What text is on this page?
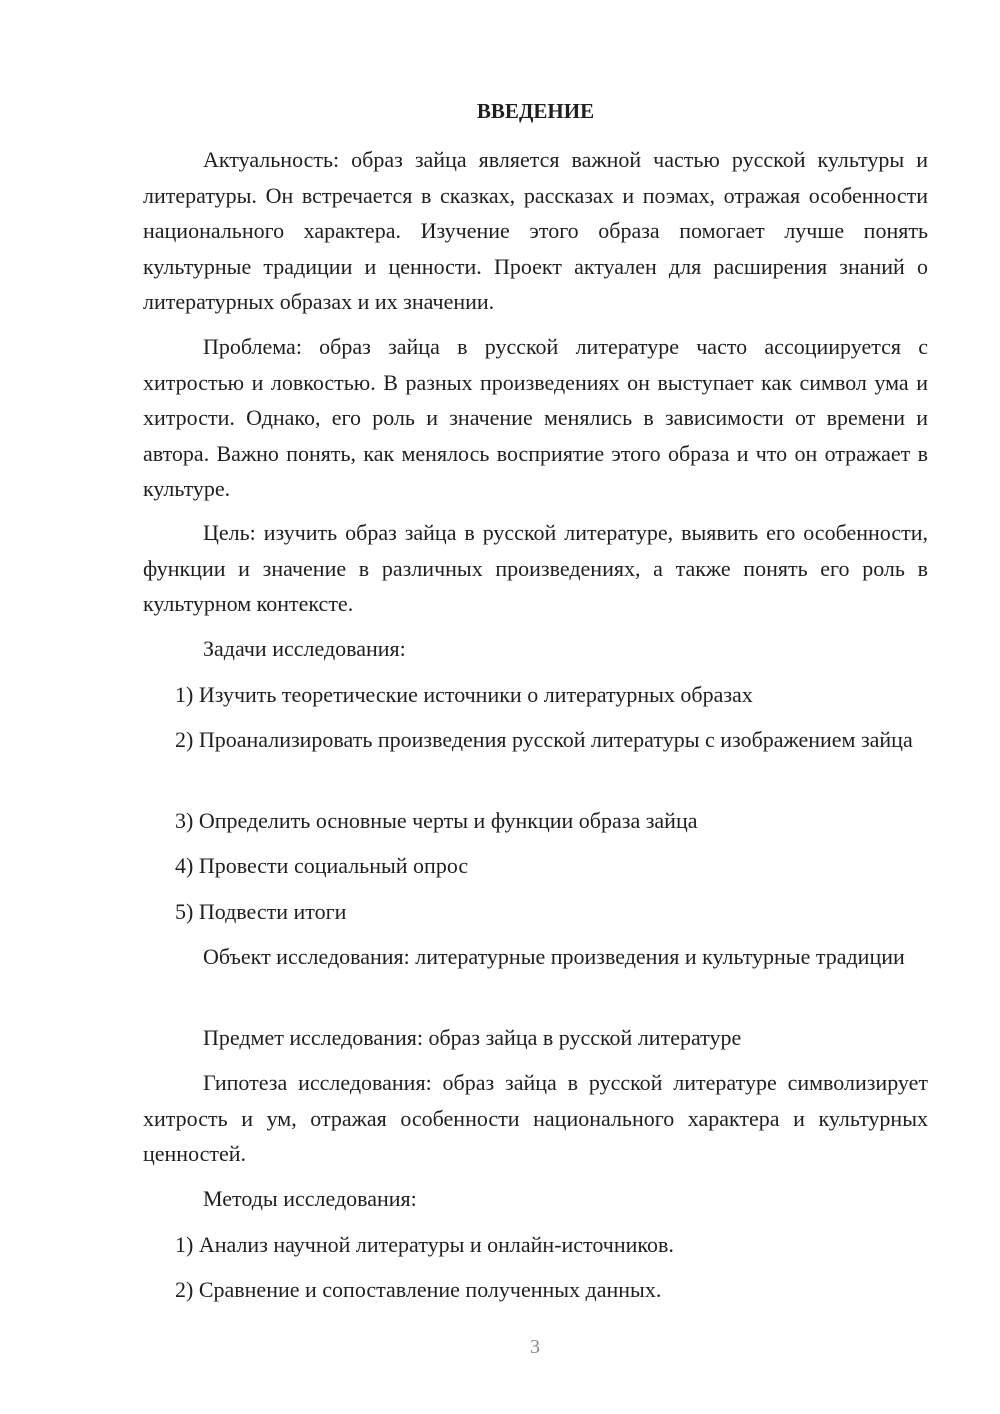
ВВЕДЕНИЕ

Актуальность: образ зайца является важной частью русской культуры и литературы. Он встречается в сказках, рассказах и поэмах, отражая особенности национального характера. Изучение этого образа помогает лучше понять культурные традиции и ценности. Проект актуален для расширения знаний о литературных образах и их значении.

Проблема: образ зайца в русской литературе часто ассоциируется с хитростью и ловкостью. В разных произведениях он выступает как символ ума и хитрости. Однако, его роль и значение менялись в зависимости от времени и автора. Важно понять, как менялось восприятие этого образа и что он отражает в культуре.

Цель: изучить образ зайца в русской литературе, выявить его особенности, функции и значение в различных произведениях, а также понять его роль в культурном контексте.

Задачи исследования:

1) Изучить теоретические источники о литературных образах

2) Проанализировать произведения русской литературы с изображением зайца

3) Определить основные черты и функции образа зайца

4) Провести социальный опрос

5) Подвести итоги

Объект исследования: литературные произведения и культурные традиции

Предмет исследования: образ зайца в русской литературе

Гипотеза исследования: образ зайца в русской литературе символизирует хитрость и ум, отражая особенности национального характера и культурных ценностей.

Методы исследования:

1) Анализ научной литературы и онлайн-источников.

2) Сравнение и сопоставление полученных данных.

3
